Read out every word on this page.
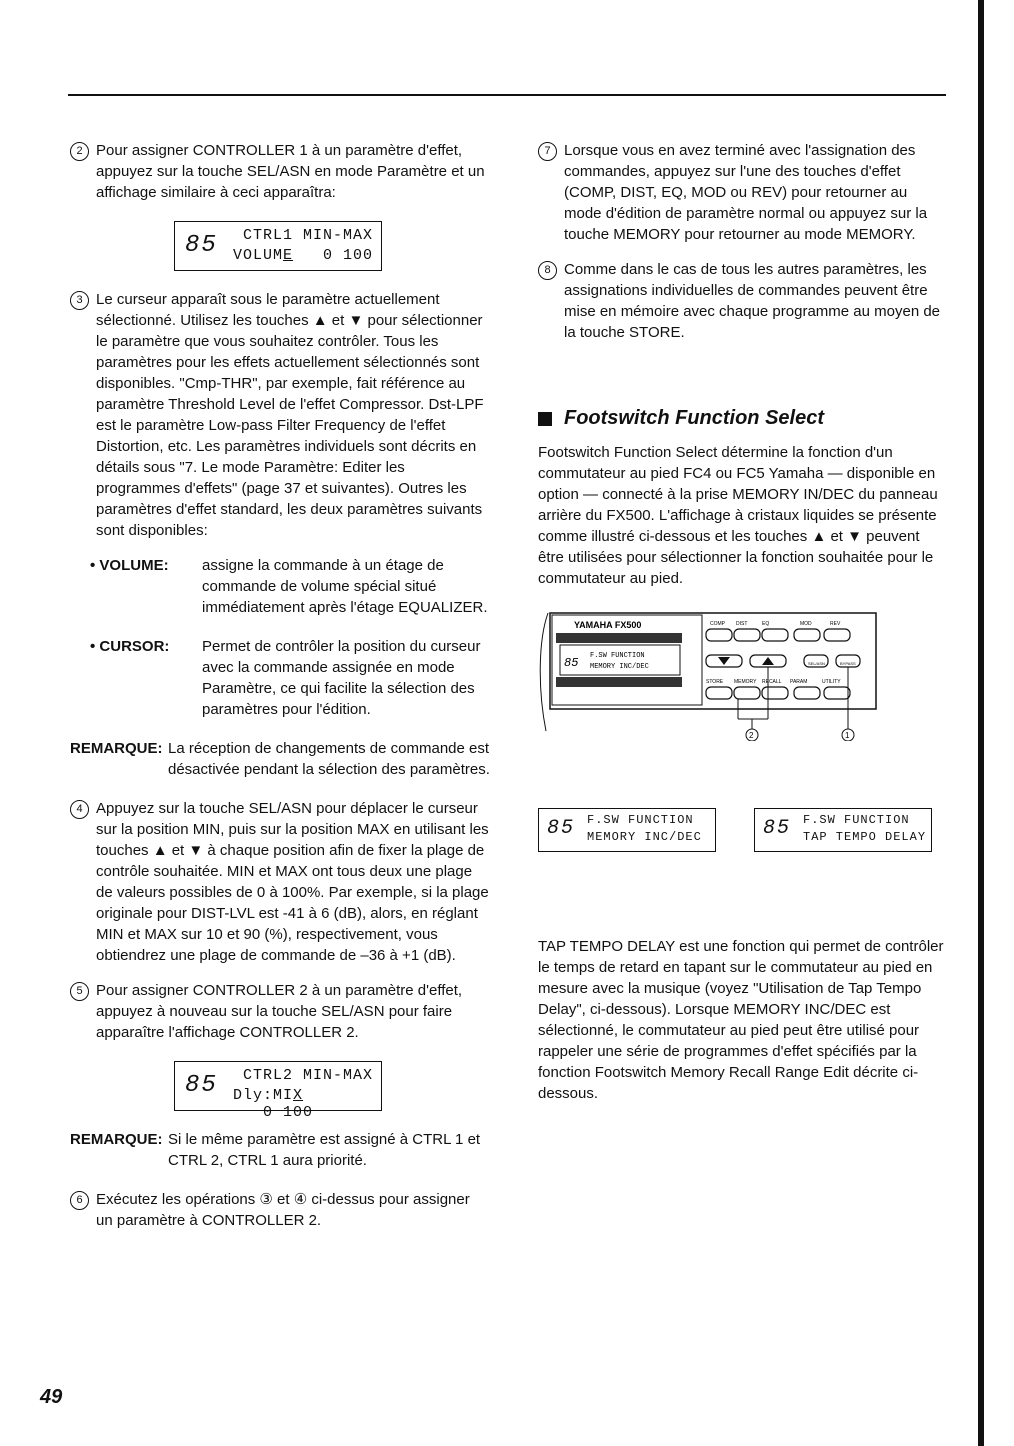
2 Pour assigner CONTROLLER 1 à un paramètre d'effet, appuyez sur la touche SEL/ASN en mode Paramètre et un affichage similaire à ceci apparaîtra:
85 CTRL1 MIN-MAX
VOLUME   0 100
3 Le curseur apparaît sous le paramètre actuellement sélectionné. Utilisez les touches ▲ et ▼ pour sélectionner le paramètre que vous souhaitez contrôler. Tous les paramètres pour les effets actuellement sélectionnés sont disponibles. "Cmp-THR", par exemple, fait référence au paramètre Threshold Level de l'effet Compressor. Dst-LPF est le paramètre Low-pass Filter Frequency de l'effet Distortion, etc. Les paramètres individuels sont décrits en détails sous "7. Le mode Paramètre: Editer les programmes d'effets" (page 37 et suivantes). Outres les paramètres d'effet standard, les deux paramètres suivants sont disponibles:
• VOLUME: assigne la commande à un étage de commande de volume spécial situé immédiatement après l'étage EQUALIZER.
• CURSOR: Permet de contrôler la position du curseur avec la commande assignée en mode Paramètre, ce qui facilite la sélection des paramètres pour l'édition.
REMARQUE: La réception de changements de commande est désactivée pendant la sélection des paramètres.
4 Appuyez sur la touche SEL/ASN pour déplacer le curseur sur la position MIN, puis sur la position MAX en utilisant les touches ▲ et ▼ à chaque position afin de fixer la plage de contrôle souhaitée. MIN et MAX ont tous deux une plage de valeurs possibles de 0 à 100%. Par exemple, si la plage originale pour DIST-LVL est -41 à 6 (dB), alors, en réglant MIN et MAX sur 10 et 90 (%), respectivement, vous obtiendrez une plage de commande de –36 à +1 (dB).
5 Pour assigner CONTROLLER 2 à un paramètre d'effet, appuyez à nouveau sur la touche SEL/ASN pour faire apparaître l'affichage CONTROLLER 2.
85 CTRL2 MIN-MAX
Dly:MIX   0 100
REMARQUE: Si le même paramètre est assigné à CTRL 1 et CTRL 2, CTRL 1 aura priorité.
6 Exécutez les opérations ③ et ④ ci-dessus pour assigner un paramètre à CONTROLLER 2.
7 Lorsque vous en avez terminé avec l'assignation des commandes, appuyez sur l'une des touches d'effet (COMP, DIST, EQ, MOD ou REV) pour retourner au mode d'édition de paramètre normal ou appuyez sur la touche MEMORY pour retourner au mode MEMORY.
8 Comme dans le cas de tous les autres paramètres, les assignations individuelles de commandes peuvent être mise en mémoire avec chaque programme au moyen de la touche STORE.
Footswitch Function Select
Footswitch Function Select détermine la fonction d'un commutateur au pied FC4 ou FC5 Yamaha — disponible en option — connecté à la prise MEMORY IN/DEC du panneau arrière du FX500. L'affichage à cristaux liquides se présente comme illustré ci-dessous et les touches ▲ et ▼ peuvent être utilisées pour sélectionner la fonction souhaitée pour le commutateur au pied.
YAMAHA FX500
85 F.SW FUNCTION
MEMORY INC/DEC
COMP DIST	EQ	MOD	REV
STORE MEMORY RECALL PARAM	UTILITY
SEL/ASN	BYPASS
2	1
85 F.SW FUNCTION
MEMORY INC/DEC	85 F.SW FUNCTION
TAP TEMPO DELAY
TAP TEMPO DELAY est une fonction qui permet de contrôler le temps de retard en tapant sur le commutateur au pied en mesure avec la musique (voyez "Utilisation de Tap Tempo Delay", ci-dessous). Lorsque MEMORY INC/DEC est sélectionné, le commutateur au pied peut être utilisé pour rappeler une série de programmes d'effet spécifiés par la fonction Footswitch Memory Recall Range Edit décrite ci-dessous.
49
